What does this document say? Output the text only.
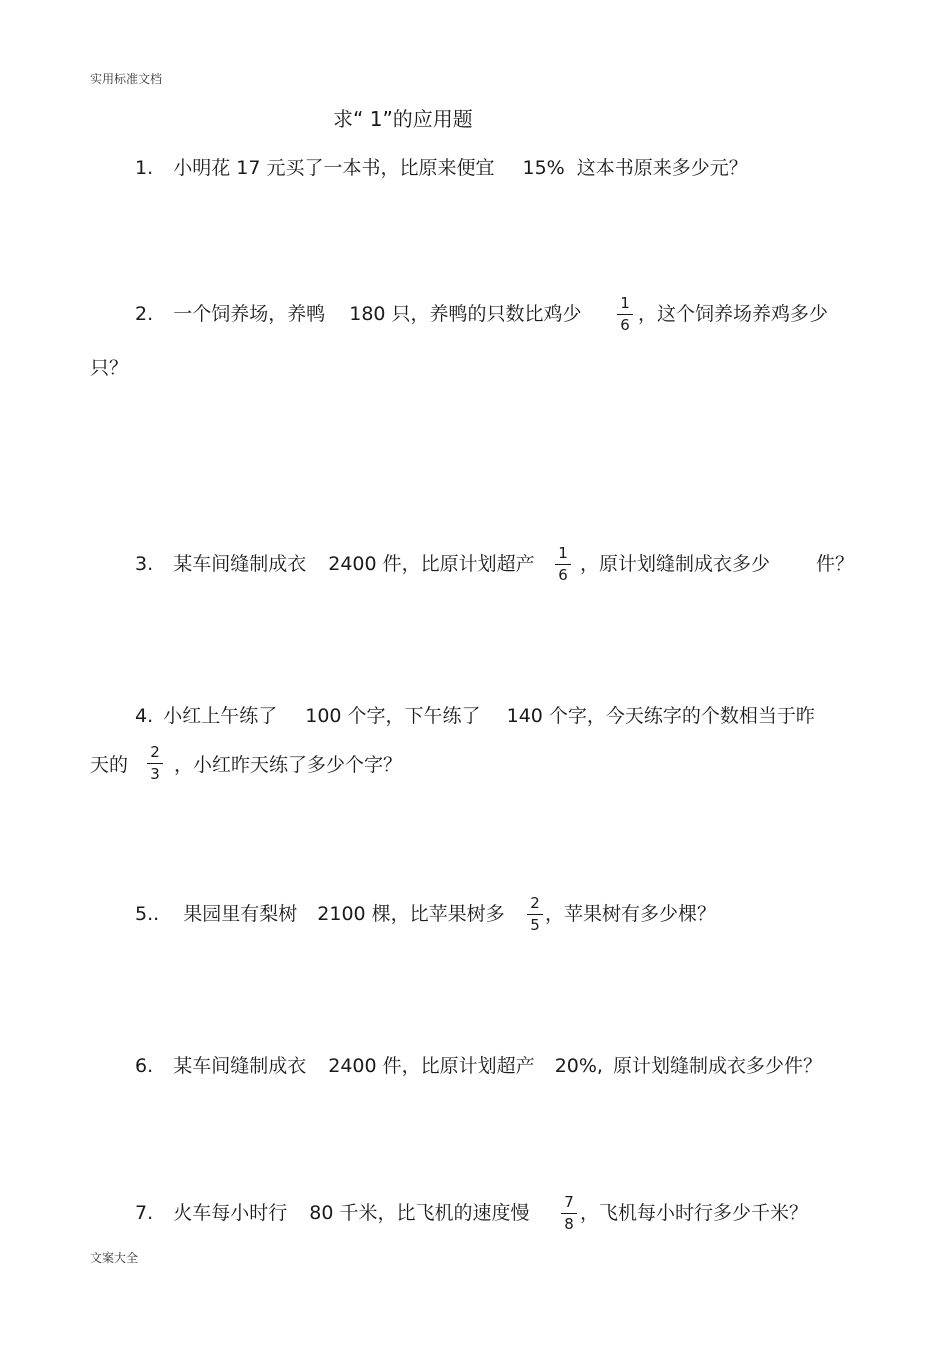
实用标准文档
求“ 1”的应用题
1. 小明花 17 元买了一本书，比原来便宜 15% 这本书原来多少元？
2. 一个饲养场，养鸭 180 只，养鸭的只数比鸡少	1
6 ，这个饲养场养鸡多少
只？
3. 某车间缝制成衣 2400 件，比原计划超产	1
6 ，原计划缝制成衣多少 件？
4. 小红上午练了 100 个字，下午练了 140 个字，今天练字的个数相当于昨
天的
2
3 ，小红昨天练了多少个字？
5.. 果园里有梨树 2100 棵，比苹果树多	2
5 ，苹果树有多少棵？
6. 某车间缝制成衣 2400 件，比原计划超产 20%, 原计划缝制成衣多少件？
7. 火车每小时行 80 千米，比飞机的速度慢	7
8 ，飞机每小时行多少千米？
文案大全
